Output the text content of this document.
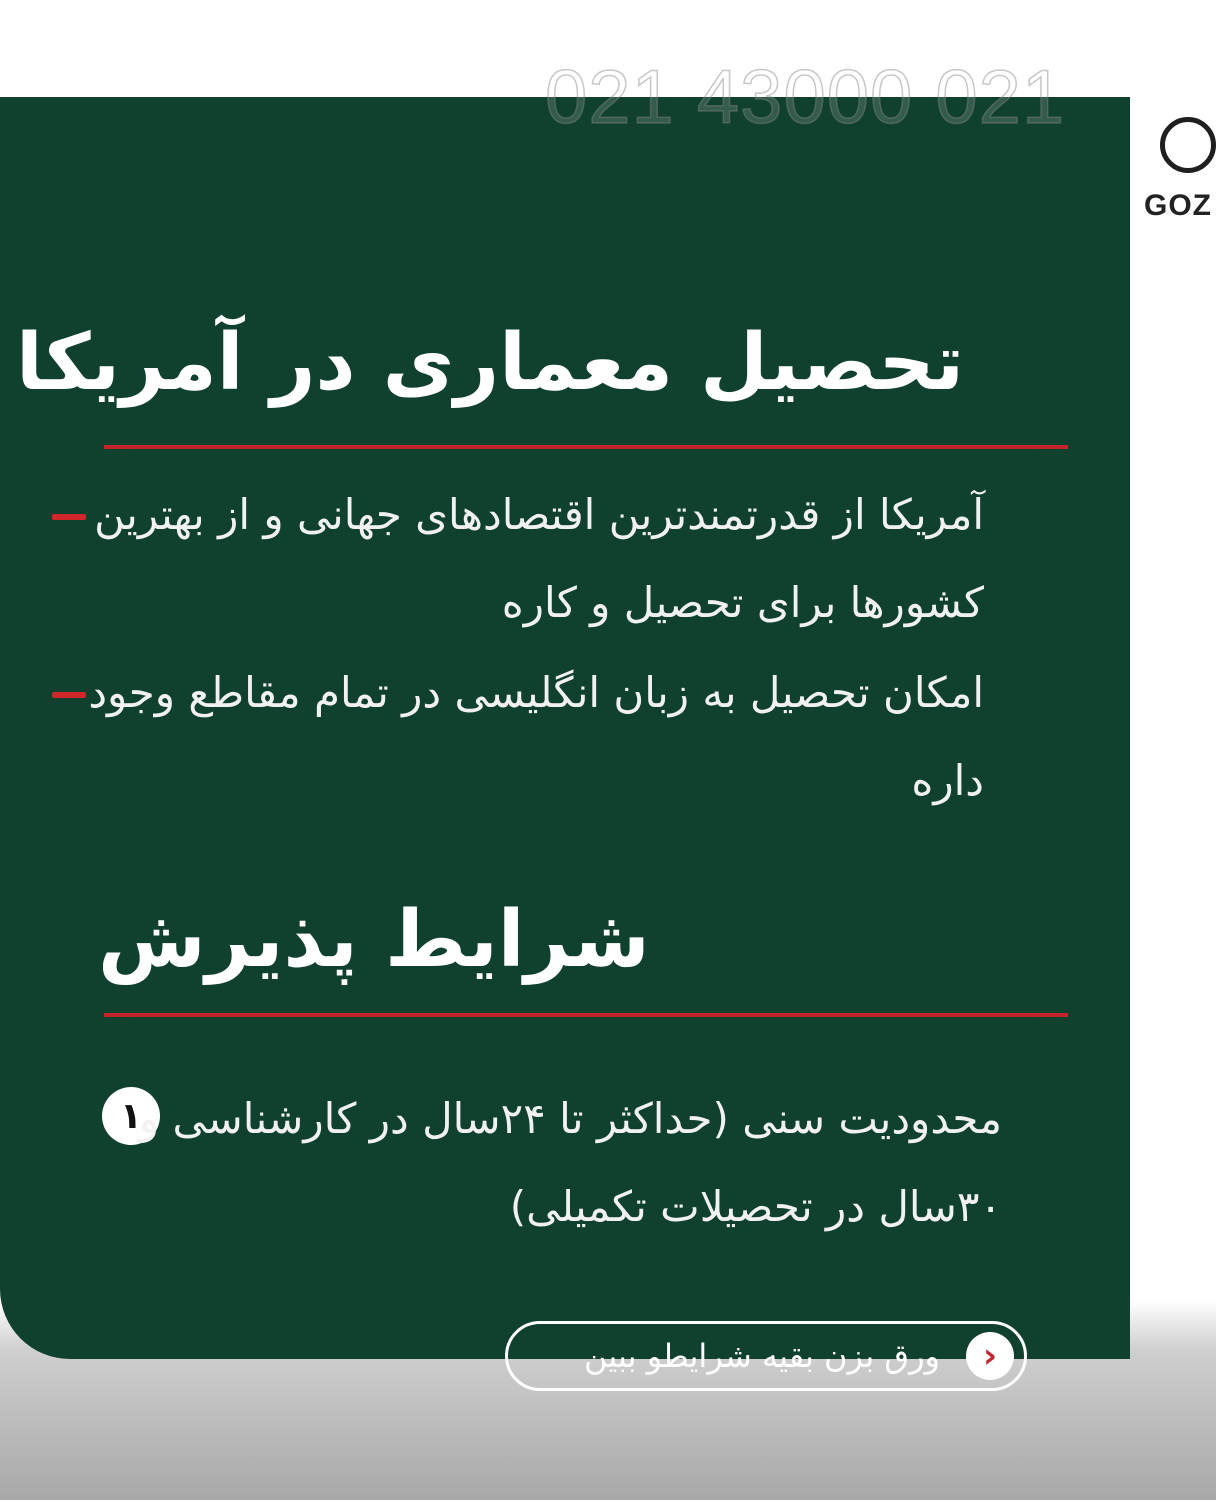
021 43000 021
تحصیل معماری در آمریکا
آمریکا از قدرتمندترین اقتصادهای جهانی و از بهترین کشورها برای تحصیل و کاره
امکان تحصیل به زبان انگلیسی در تمام مقاطع وجود داره
شرایط پذیرش
۱
محدودیت سنی (حداکثر تا ۲۴سال در کارشناسی و ۳۰سال در تحصیلات تکمیلی)
ورق بزن بقیه شرایطو ببین	›
GOZ
